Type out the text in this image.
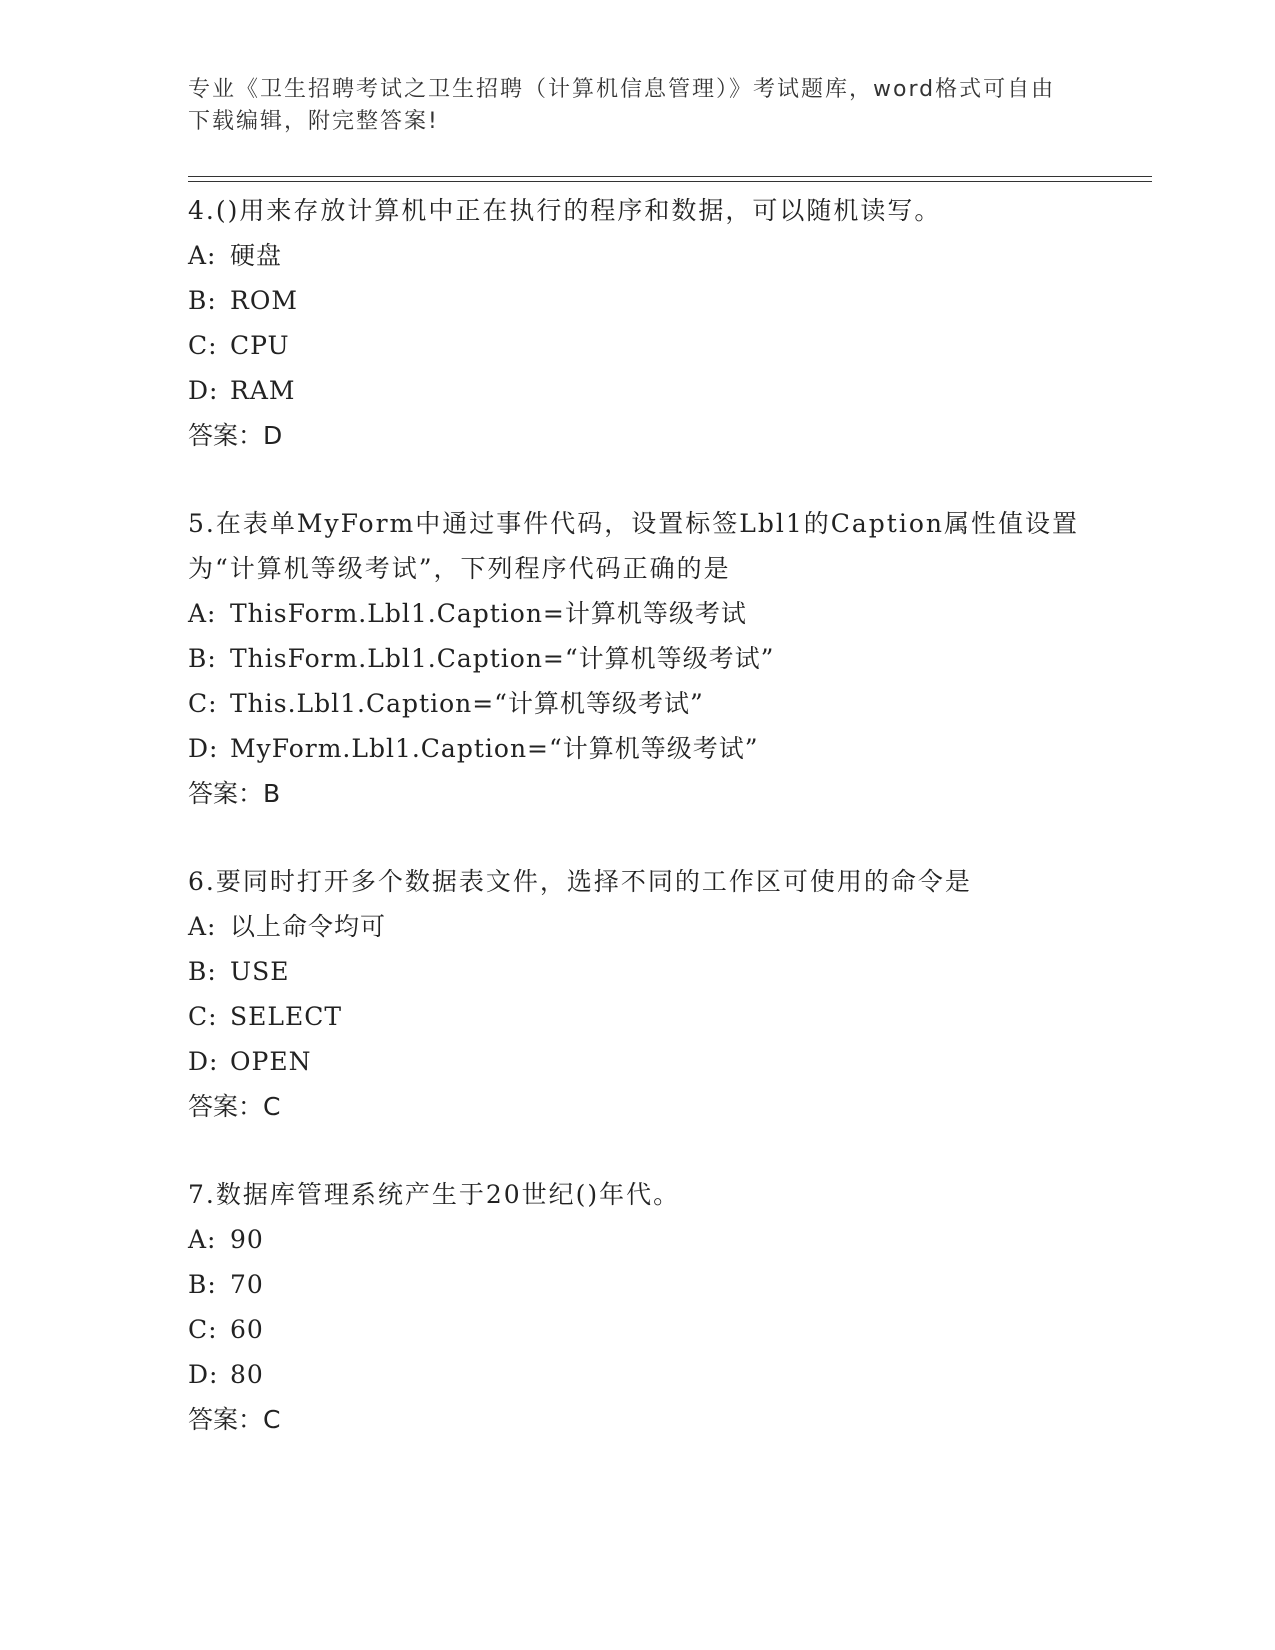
专业《卫生招聘考试之卫生招聘（计算机信息管理）》考试题库，word格式可自由下载编辑，附完整答案!

4.()用来存放计算机中正在执行的程序和数据，可以随机读写。

A: 硬盘

B: ROM

C: CPU

D: RAM

答案：D

5.在表单MyForm中通过事件代码，设置标签Lbl1的Caption属性值设置为“计算机等级考试”，下列程序代码正确的是

A: ThisForm.Lbl1.Caption=计算机等级考试

B: ThisForm.Lbl1.Caption=“计算机等级考试”

C: This.Lbl1.Caption=“计算机等级考试”

D: MyForm.Lbl1.Caption=“计算机等级考试”

答案：B

6.要同时打开多个数据表文件，选择不同的工作区可使用的命令是

A: 以上命令均可

B: USE

C: SELECT

D: OPEN

答案：C

7.数据库管理系统产生于20世纪()年代。

A: 90

B: 70

C: 60

D: 80

答案：C
